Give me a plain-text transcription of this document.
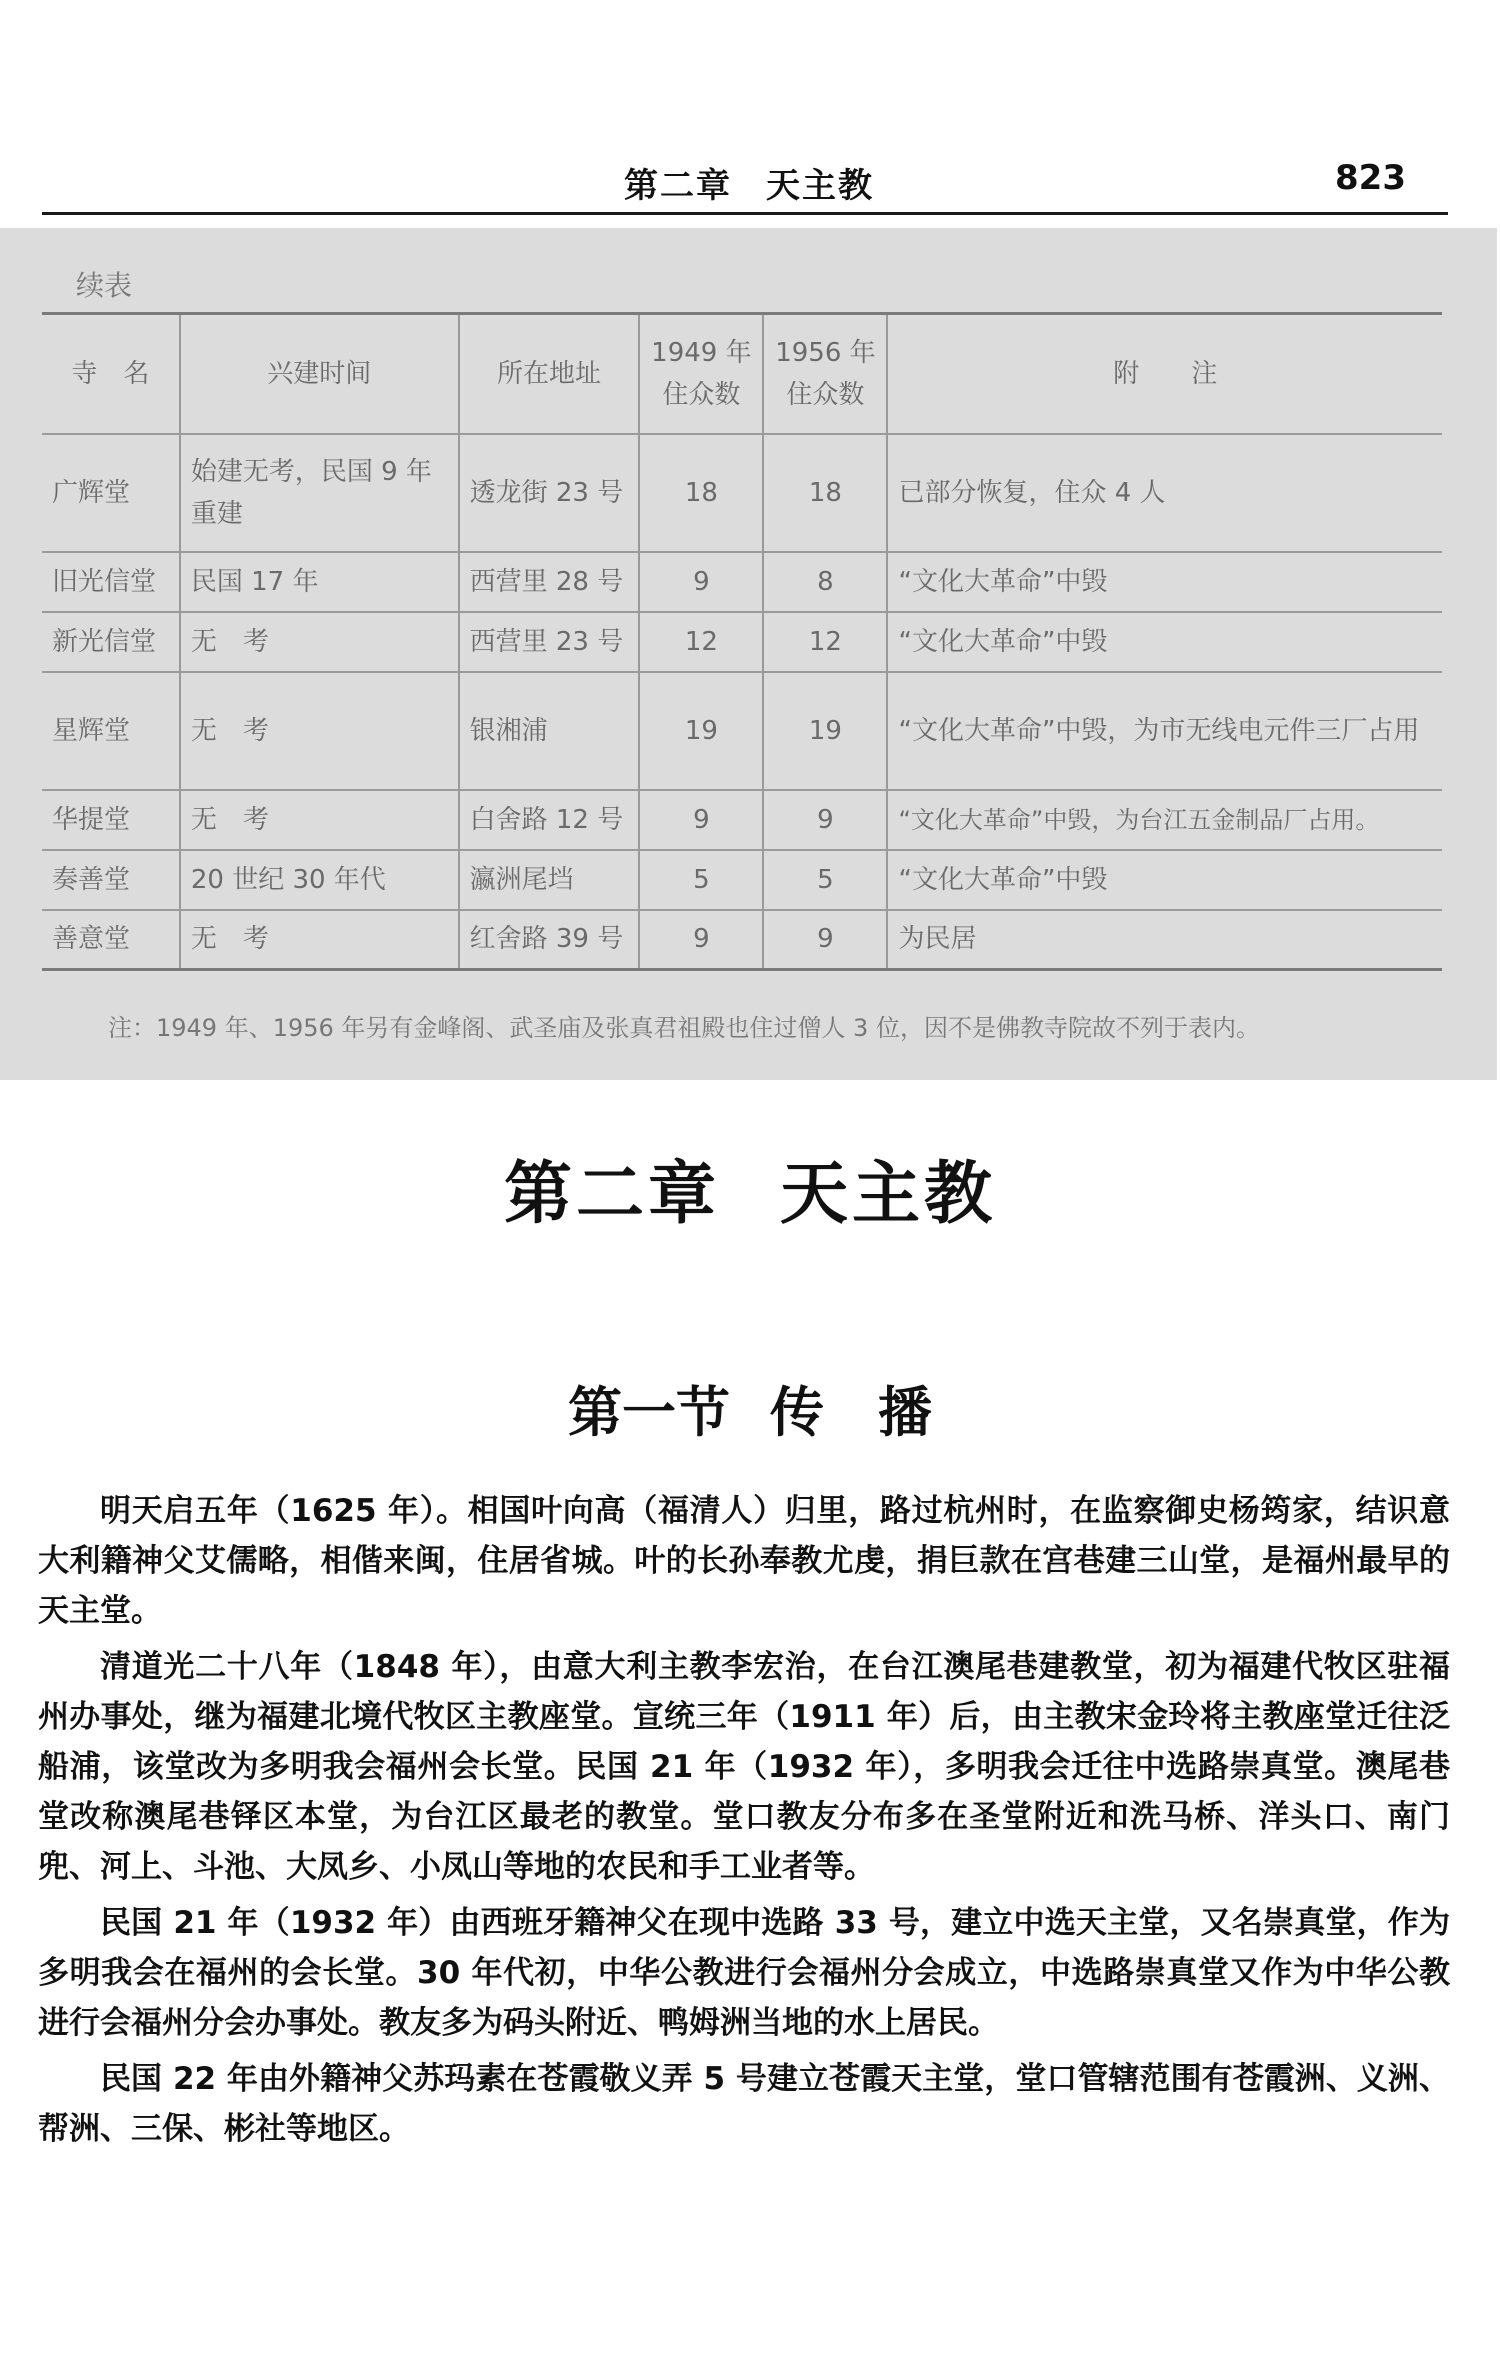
第二章 天主教	823
续表
寺　名	兴建时间	所在地址	1949 年住众数	1956 年住众数	附　　注
广辉堂	始建无考，民国 9 年重建	透龙街 23 号	18	18	已部分恢复，住众 4 人
旧光信堂	民国 17 年	西营里 28 号	9	8	“文化大革命”中毁
新光信堂	无　考	西营里 23 号	12	12	“文化大革命”中毁
星辉堂	无　考	银湘浦	19	19	“文化大革命”中毁，为市无线电元件三厂占用
华提堂	无　考	白舍路 12 号	9	9	“文化大革命”中毁，为台江五金制品厂占用。
奏善堂	20 世纪 30 年代	瀛洲尾垱	5	5	“文化大革命”中毁
善意堂	无　考	红舍路 39 号	9	9	为民居
注：1949 年、1956 年另有金峰阁、武圣庙及张真君祖殿也住过僧人 3 位，因不是佛教寺院故不列于表内。
第二章 天主教
第一节 传　播

明天启五年（1625 年）。相国叶向高（福清人）归里，路过杭州时，在监察御史杨筠家，结识意大利籍神父艾儒略，相偕来闽，住居省城。叶的长孙奉教尤虔，捐巨款在宫巷建三山堂，是福州最早的天主堂。

清道光二十八年（1848 年），由意大利主教李宏治，在台江澳尾巷建教堂，初为福建代牧区驻福州办事处，继为福建北境代牧区主教座堂。宣统三年（1911 年）后，由主教宋金玲将主教座堂迁往泛船浦，该堂改为多明我会福州会长堂。民国 21 年（1932 年），多明我会迁往中选路崇真堂。澳尾巷堂改称澳尾巷铎区本堂，为台江区最老的教堂。堂口教友分布多在圣堂附近和洗马桥、洋头口、南门兜、河上、斗池、大凤乡、小凤山等地的农民和手工业者等。

民国 21 年（1932 年）由西班牙籍神父在现中选路 33 号，建立中选天主堂，又名崇真堂，作为多明我会在福州的会长堂。30 年代初，中华公教进行会福州分会成立，中选路崇真堂又作为中华公教进行会福州分会办事处。教友多为码头附近、鸭姆洲当地的水上居民。

民国 22 年由外籍神父苏玛素在苍霞敬义弄 5 号建立苍霞天主堂，堂口管辖范围有苍霞洲、义洲、帮洲、三保、彬社等地区。
